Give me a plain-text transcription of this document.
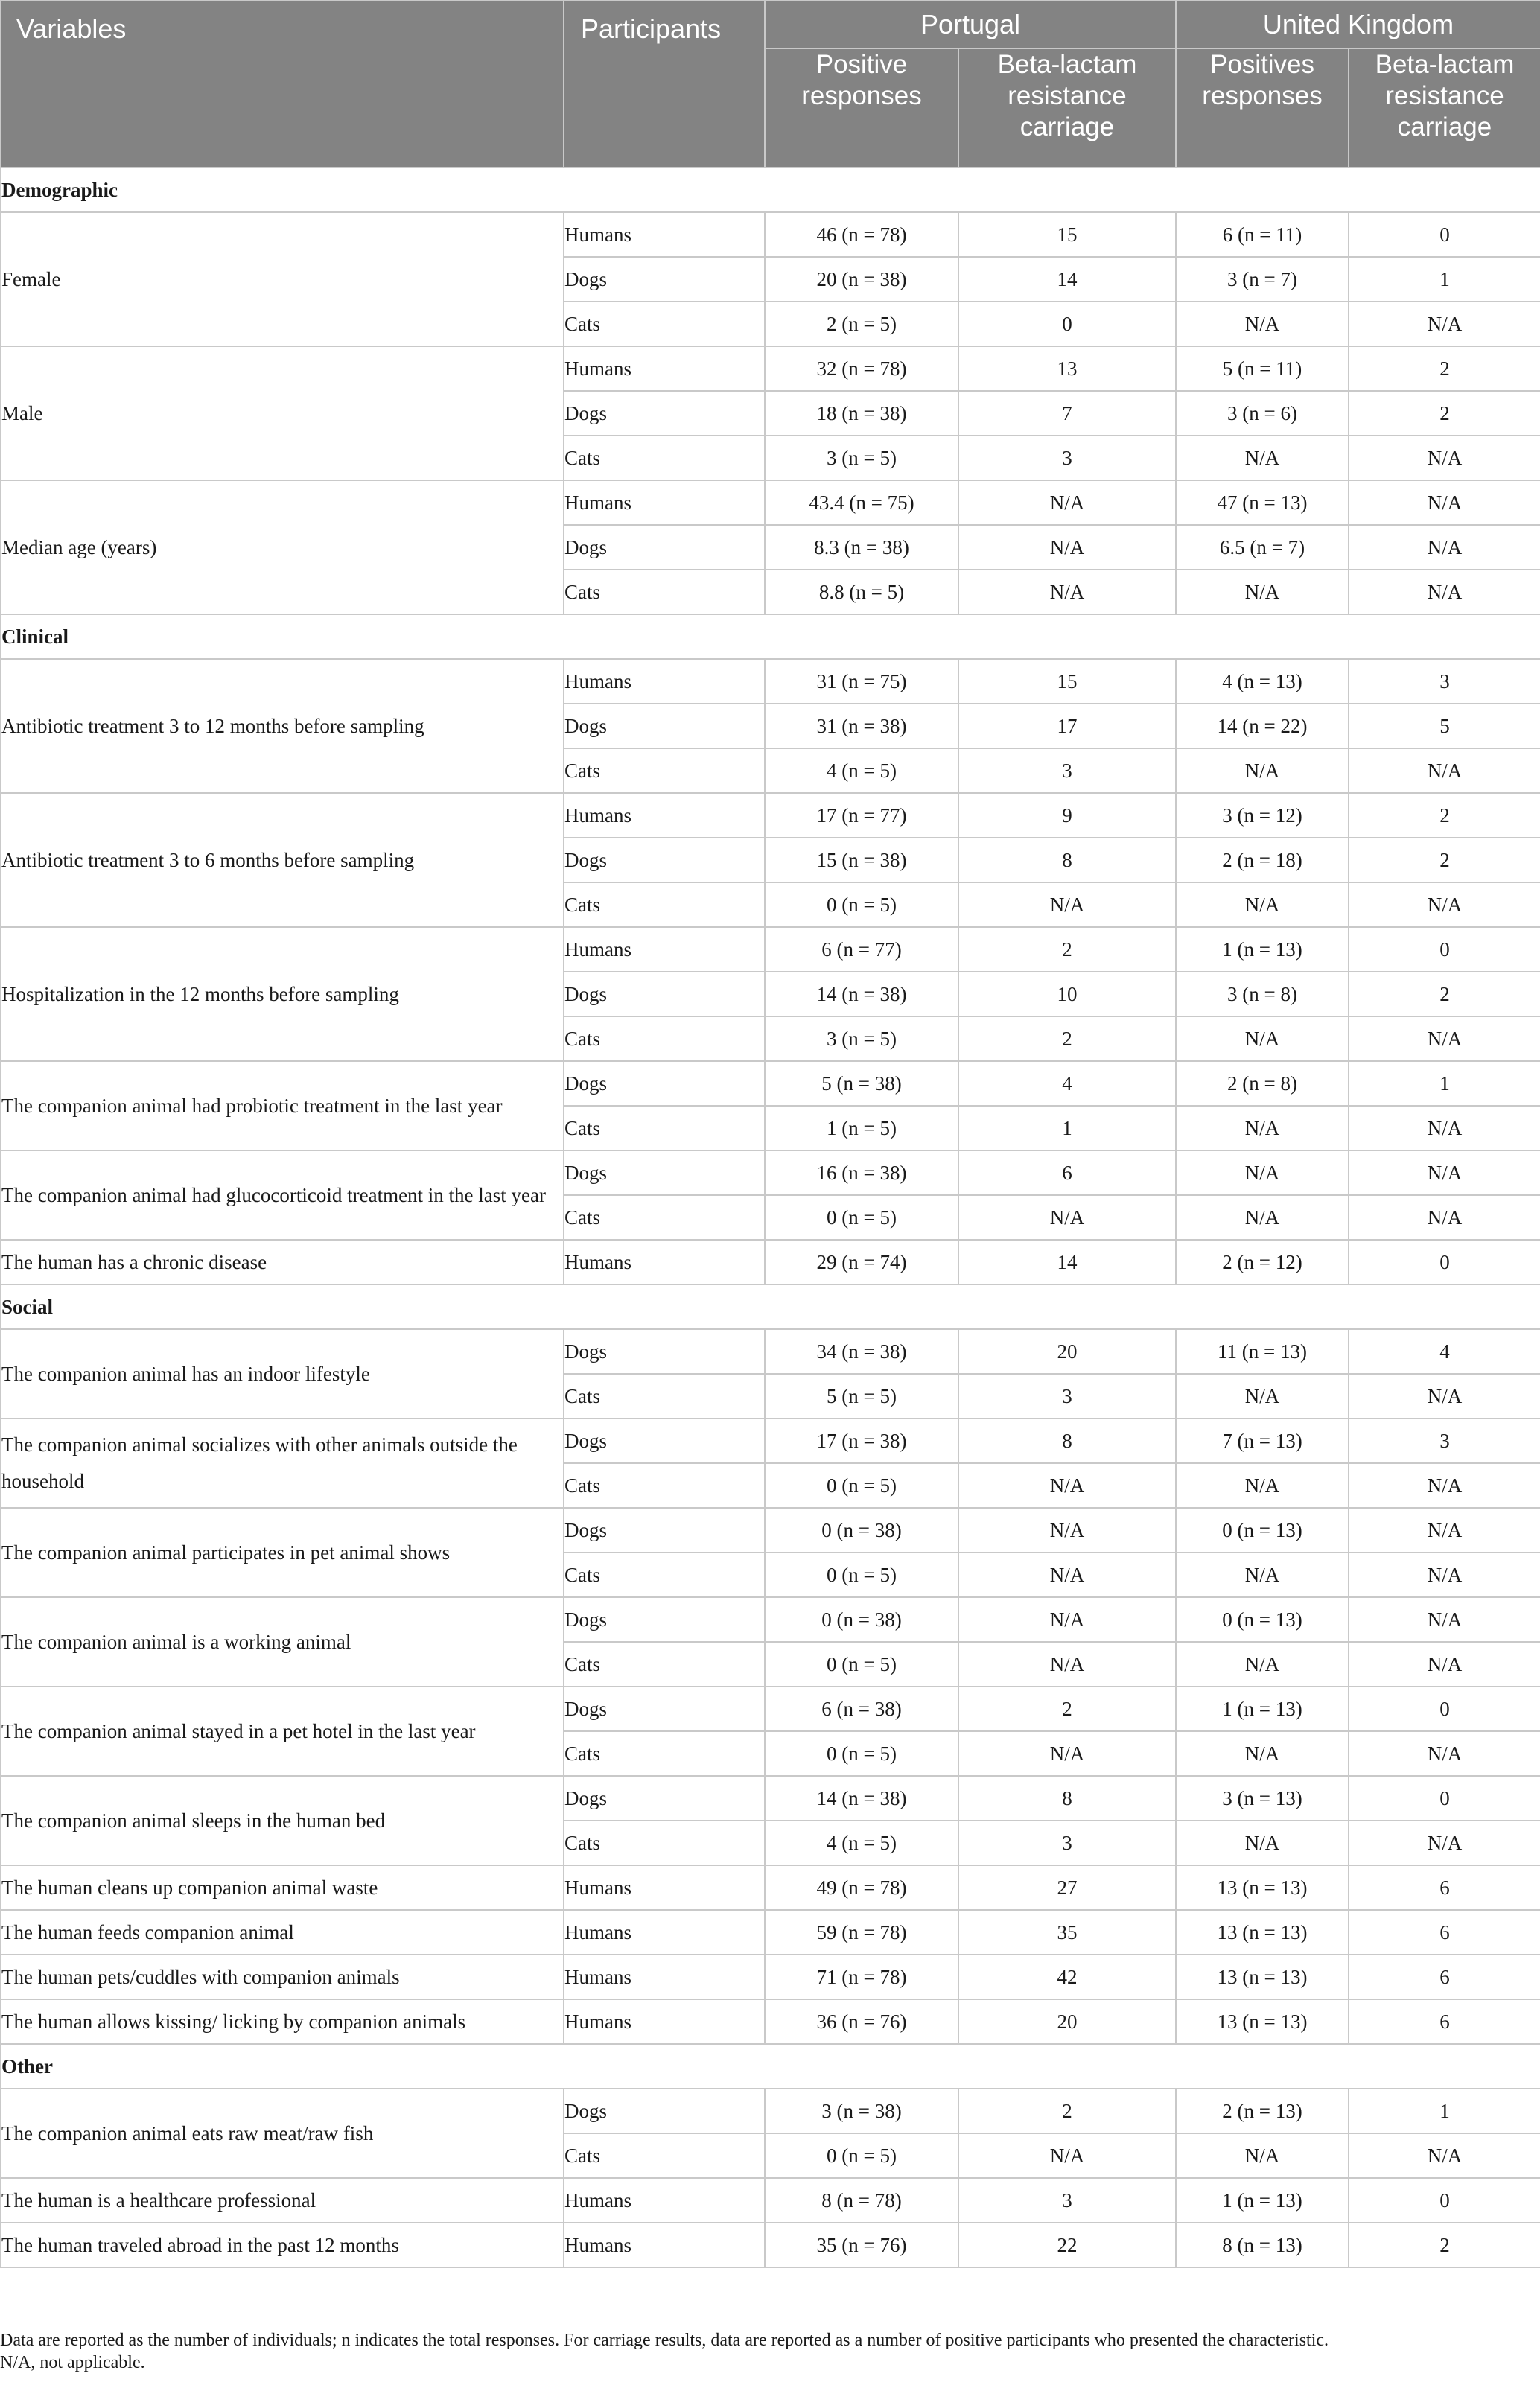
Variables	Participants	Portugal		United Kingdom	
		Positive responses	Beta-lactam resistance carriage	Positives responses	Beta-lactam resistance carriage
Demographic					
Female	Humans	46 (n = 78)	15	6 (n = 11)	0
	Dogs	20 (n = 38)	14	3 (n = 7)	1
	Cats	2 (n = 5)	0	N/A	N/A
Male	Humans	32 (n = 78)	13	5 (n = 11)	2
	Dogs	18 (n = 38)	7	3 (n = 6)	2
	Cats	3 (n = 5)	3	N/A	N/A
Median age (years)	Humans	43.4 (n = 75)	N/A	47 (n = 13)	N/A
	Dogs	8.3 (n = 38)	N/A	6.5 (n = 7)	N/A
	Cats	8.8 (n = 5)	N/A	N/A	N/A
Clinical					
Antibiotic treatment 3 to 12 months before sampling	Humans	31 (n = 75)	15	4 (n = 13)	3
	Dogs	31 (n = 38)	17	14 (n = 22)	5
	Cats	4 (n = 5)	3	N/A	N/A
Antibiotic treatment 3 to 6 months before sampling	Humans	17 (n = 77)	9	3 (n = 12)	2
	Dogs	15 (n = 38)	8	2 (n = 18)	2
	Cats	0 (n = 5)	N/A	N/A	N/A
Hospitalization in the 12 months before sampling	Humans	6 (n = 77)	2	1 (n = 13)	0
	Dogs	14 (n = 38)	10	3 (n = 8)	2
	Cats	3 (n = 5)	2	N/A	N/A
The companion animal had probiotic treatment in the last year	Dogs	5 (n = 38)	4	2 (n = 8)	1
	Cats	1 (n = 5)	1	N/A	N/A
The companion animal had glucocorticoid treatment in the last year	Dogs	16 (n = 38)	6	N/A	N/A
	Cats	0 (n = 5)	N/A	N/A	N/A
The human has a chronic disease	Humans	29 (n = 74)	14	2 (n = 12)	0
Social					
The companion animal has an indoor lifestyle	Dogs	34 (n = 38)	20	11 (n = 13)	4
	Cats	5 (n = 5)	3	N/A	N/A
The companion animal socializes with other animals outside the household	Dogs	17 (n = 38)	8	7 (n = 13)	3
	Cats	0 (n = 5)	N/A	N/A	N/A
The companion animal participates in pet animal shows	Dogs	0 (n = 38)	N/A	0 (n = 13)	N/A
	Cats	0 (n = 5)	N/A	N/A	N/A
The companion animal is a working animal	Dogs	0 (n = 38)	N/A	0 (n = 13)	N/A
	Cats	0 (n = 5)	N/A	N/A	N/A
The companion animal stayed in a pet hotel in the last year	Dogs	6 (n = 38)	2	1 (n = 13)	0
	Cats	0 (n = 5)	N/A	N/A	N/A
The companion animal sleeps in the human bed	Dogs	14 (n = 38)	8	3 (n = 13)	0
	Cats	4 (n = 5)	3	N/A	N/A
The human cleans up companion animal waste	Humans	49 (n = 78)	27	13 (n = 13)	6
The human feeds companion animal	Humans	59 (n = 78)	35	13 (n = 13)	6
The human pets/cuddles with companion animals	Humans	71 (n = 78)	42	13 (n = 13)	6
The human allows kissing/ licking by companion animals	Humans	36 (n = 76)	20	13 (n = 13)	6
Other					
The companion animal eats raw meat/raw fish	Dogs	3 (n = 38)	2	2 (n = 13)	1
	Cats	0 (n = 5)	N/A	N/A	N/A
The human is a healthcare professional	Humans	8 (n = 78)	3	1 (n = 13)	0
The human traveled abroad in the past 12 months	Humans	35 (n = 76)	22	8 (n = 13)	2
Data are reported as the number of individuals; n indicates the total responses. For carriage results, data are reported as a number of positive participants who presented the characteristic.
N/A, not applicable.
